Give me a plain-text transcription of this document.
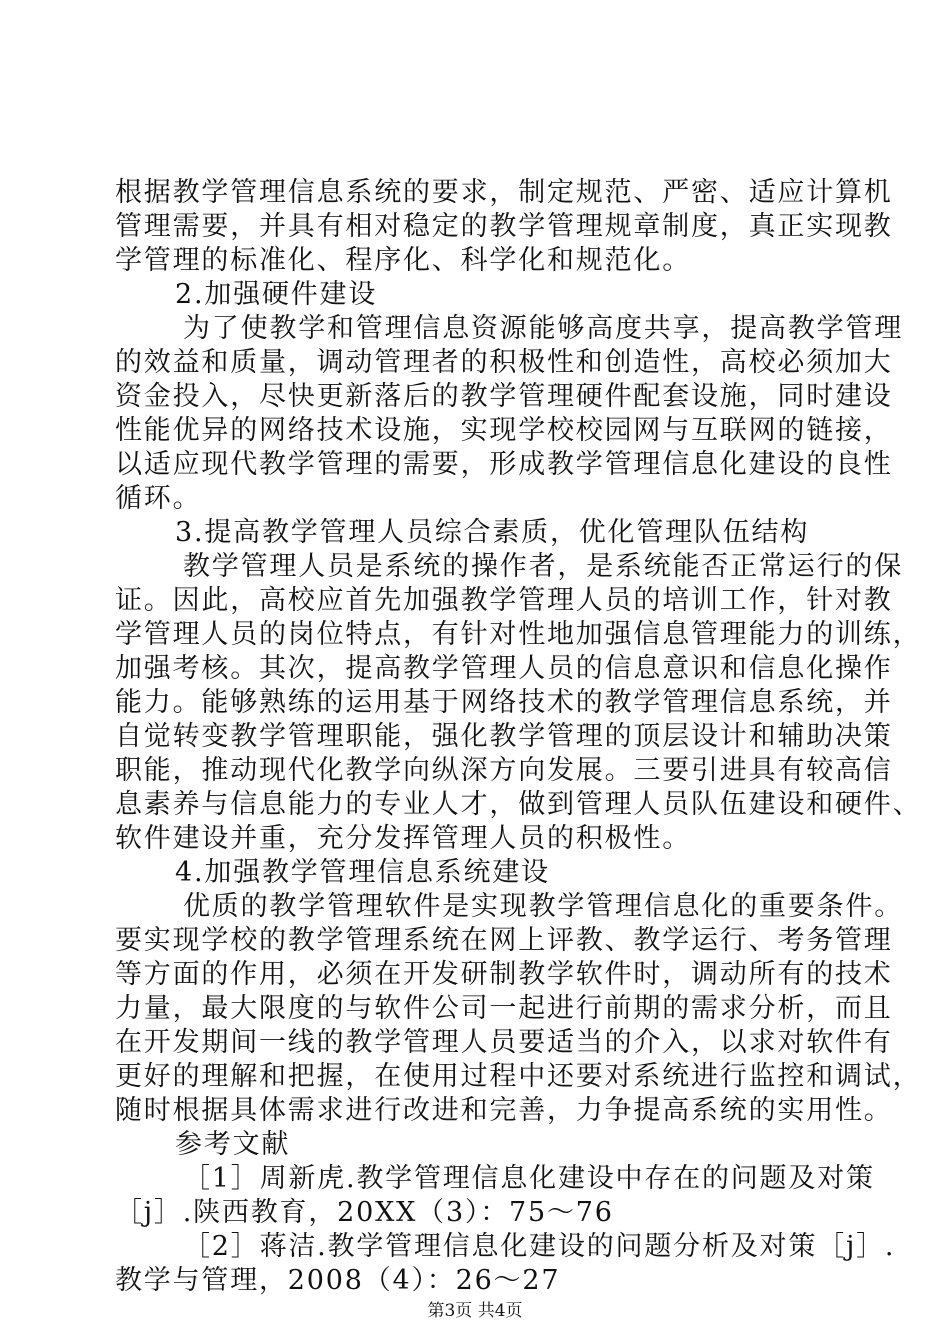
根据教学管理信息系统的要求，制定规范、严密、适应计算机
管理需要，并具有相对稳定的教学管理规章制度，真正实现教
学管理的标准化、程序化、科学化和规范化。
2.加强硬件建设
为了使教学和管理信息资源能够高度共享，提高教学管理
的效益和质量，调动管理者的积极性和创造性，高校必须加大
资金投入，尽快更新落后的教学管理硬件配套设施，同时建设
性能优异的网络技术设施，实现学校校园网与互联网的链接，
以适应现代教学管理的需要，形成教学管理信息化建设的良性
循环。
3.提高教学管理人员综合素质，优化管理队伍结构
教学管理人员是系统的操作者，是系统能否正常运行的保
证。因此，高校应首先加强教学管理人员的培训工作，针对教
学管理人员的岗位特点，有针对性地加强信息管理能力的训练，
加强考核。其次，提高教学管理人员的信息意识和信息化操作
能力。能够熟练的运用基于网络技术的教学管理信息系统，并
自觉转变教学管理职能，强化教学管理的顶层设计和辅助决策
职能，推动现代化教学向纵深方向发展。三要引进具有较高信
息素养与信息能力的专业人才，做到管理人员队伍建设和硬件、
软件建设并重，充分发挥管理人员的积极性。
4.加强教学管理信息系统建设
优质的教学管理软件是实现教学管理信息化的重要条件。
要实现学校的教学管理系统在网上评教、教学运行、考务管理
等方面的作用，必须在开发研制教学软件时，调动所有的技术
力量，最大限度的与软件公司一起进行前期的需求分析，而且
在开发期间一线的教学管理人员要适当的介入，以求对软件有
更好的理解和把握，在使用过程中还要对系统进行监控和调试，
随时根据具体需求进行改进和完善，力争提高系统的实用性。
参考文献
［1］周新虎.教学管理信息化建设中存在的问题及对策
［j］.陕西教育，20XX（3）：75～76
［2］蒋洁.教学管理信息化建设的问题分析及对策［j］.
教学与管理，2008（4）：26～27
第3页 共4页
